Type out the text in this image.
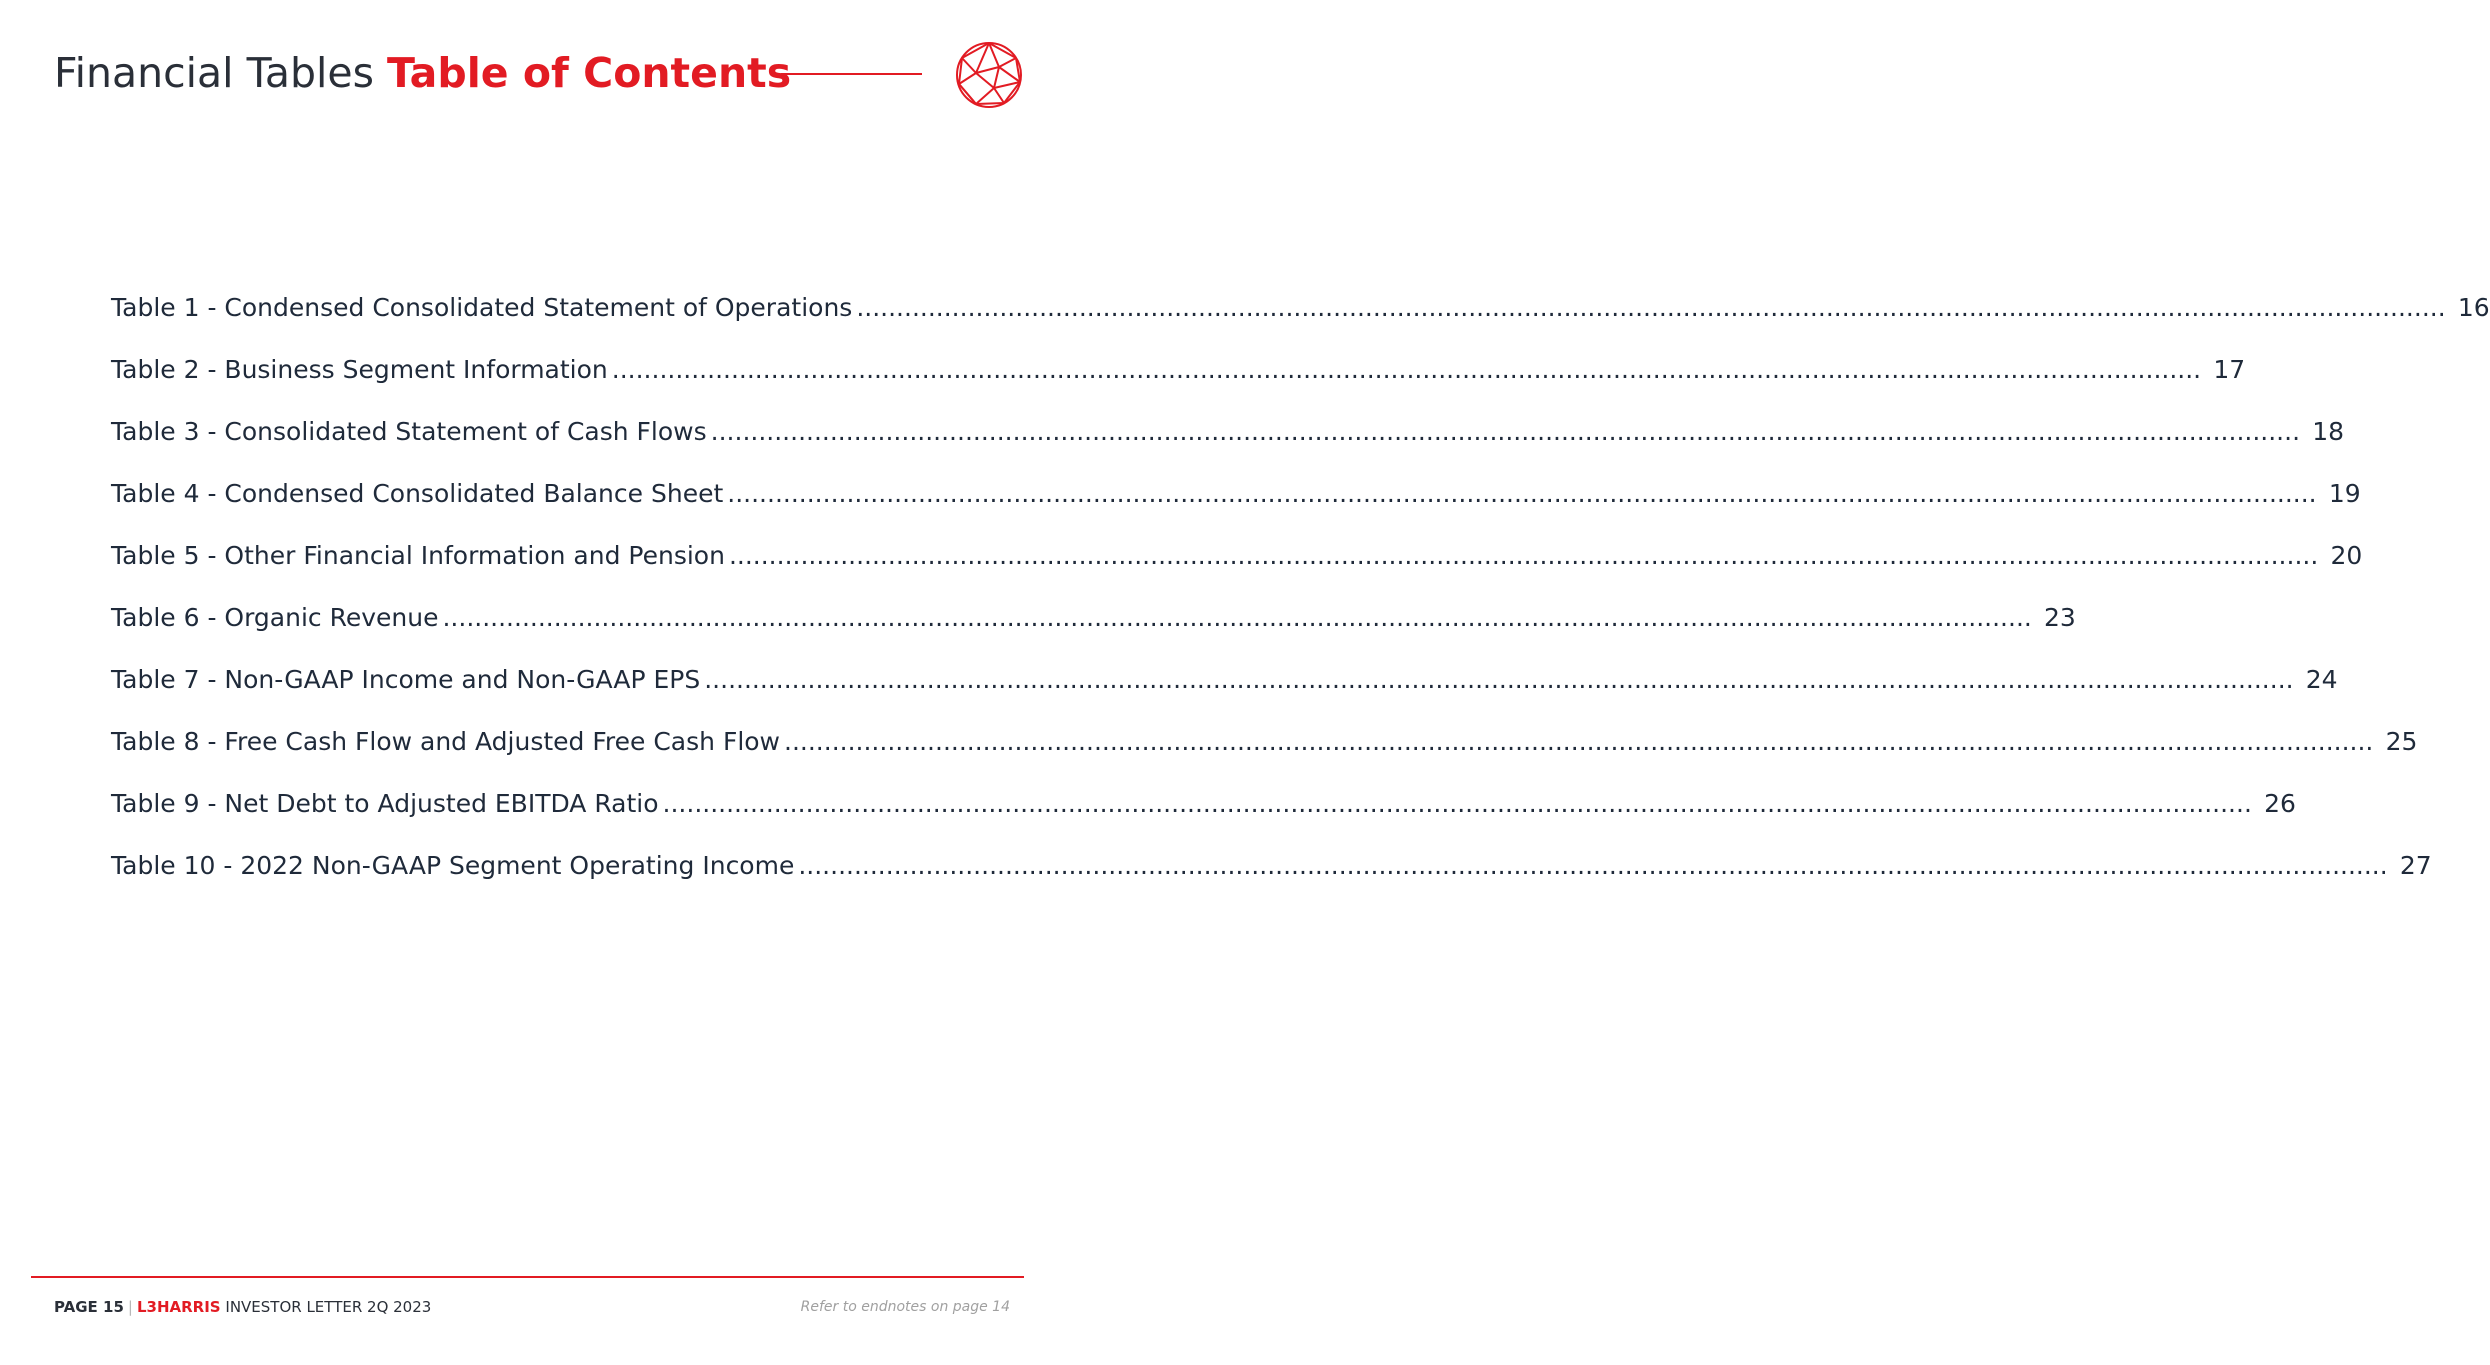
Financial Tables Table of Contents
Table 1 - Condensed Consolidated Statement of Operations ........................................................................................................................................................................................................ 16
Table 2 - Business Segment Information ........................................................................................................................................................................................................ 17
Table 3 - Consolidated Statement of Cash Flows ........................................................................................................................................................................................................ 18
Table 4 - Condensed Consolidated Balance Sheet ........................................................................................................................................................................................................ 19
Table 5 - Other Financial Information and Pension ........................................................................................................................................................................................................ 20
Table 6 - Organic Revenue ........................................................................................................................................................................................................ 23
Table 7 - Non-GAAP Income and Non-GAAP EPS ........................................................................................................................................................................................................ 24
Table 8 - Free Cash Flow and Adjusted Free Cash Flow ........................................................................................................................................................................................................ 25
Table 9 - Net Debt to Adjusted EBITDA Ratio ........................................................................................................................................................................................................ 26
Table 10 - 2022 Non-GAAP Segment Operating Income ........................................................................................................................................................................................................ 27
PAGE 15 | L3HARRIS INVESTOR LETTER 2Q 2023	Refer to endnotes on page 14
